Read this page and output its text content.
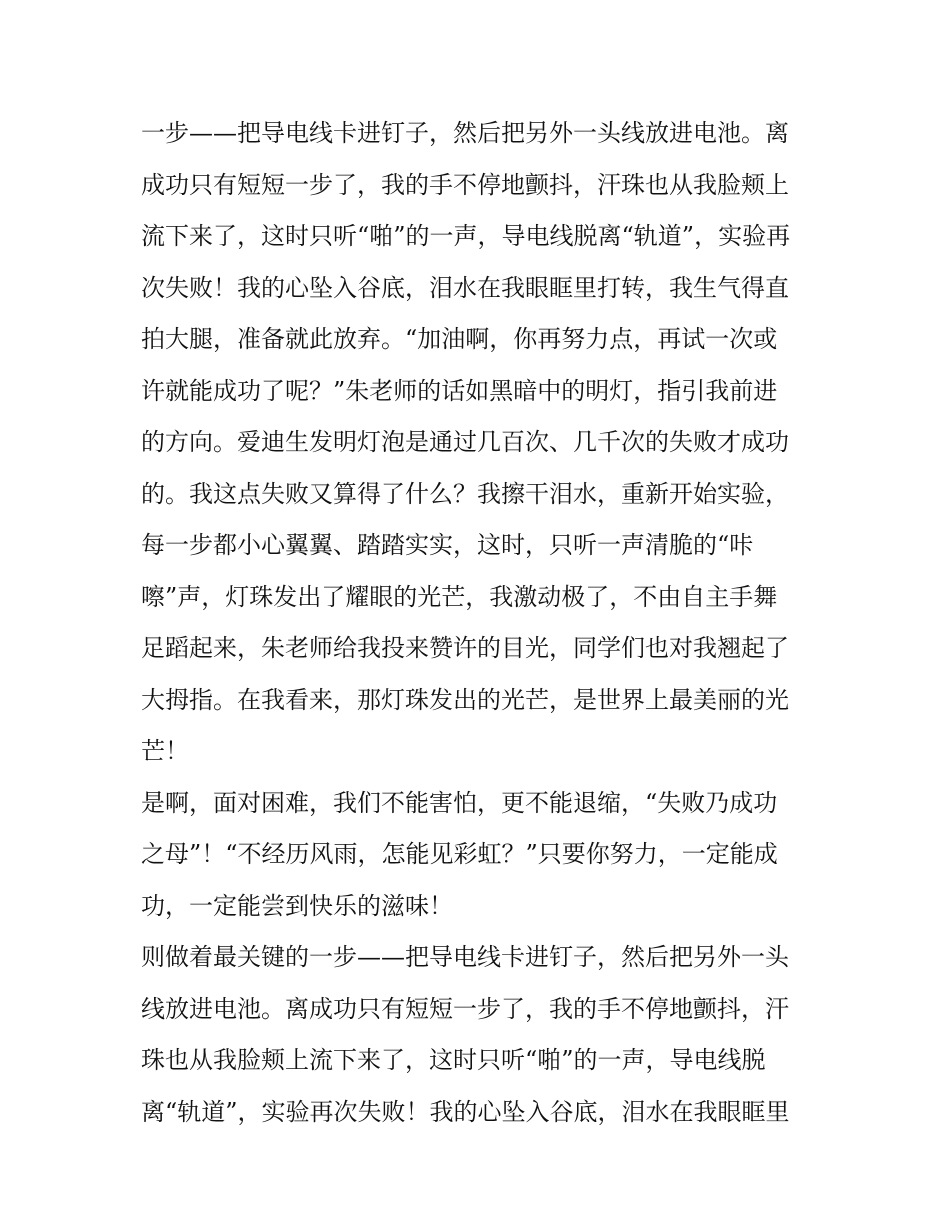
一步——把导电线卡进钉子，然后把另外一头线放进电池。离
成功只有短短一步了，我的手不停地颤抖，汗珠也从我脸颊上
流下来了，这时只听“啪”的一声，导电线脱离“轨道”，实验再
次失败！我的心坠入谷底，泪水在我眼眶里打转，我生气得直
拍大腿，准备就此放弃。“加油啊，你再努力点，再试一次或
许就能成功了呢？”朱老师的话如黑暗中的明灯，指引我前进
的方向。爱迪生发明灯泡是通过几百次、几千次的失败才成功
的。我这点失败又算得了什么？我擦干泪水，重新开始实验，
每一步都小心翼翼、踏踏实实，这时，只听一声清脆的“咔
嚓”声，灯珠发出了耀眼的光芒，我激动极了，不由自主手舞
足蹈起来，朱老师给我投来赞许的目光，同学们也对我翘起了
大拇指。在我看来，那灯珠发出的光芒，是世界上最美丽的光
芒！
是啊，面对困难，我们不能害怕，更不能退缩，“失败乃成功
之母”！“不经历风雨，怎能见彩虹？”只要你努力，一定能成
功，一定能尝到快乐的滋味！
则做着最关键的一步——把导电线卡进钉子，然后把另外一头
线放进电池。离成功只有短短一步了，我的手不停地颤抖，汗
珠也从我脸颊上流下来了，这时只听“啪”的一声，导电线脱
离“轨道”，实验再次失败！我的心坠入谷底，泪水在我眼眶里
